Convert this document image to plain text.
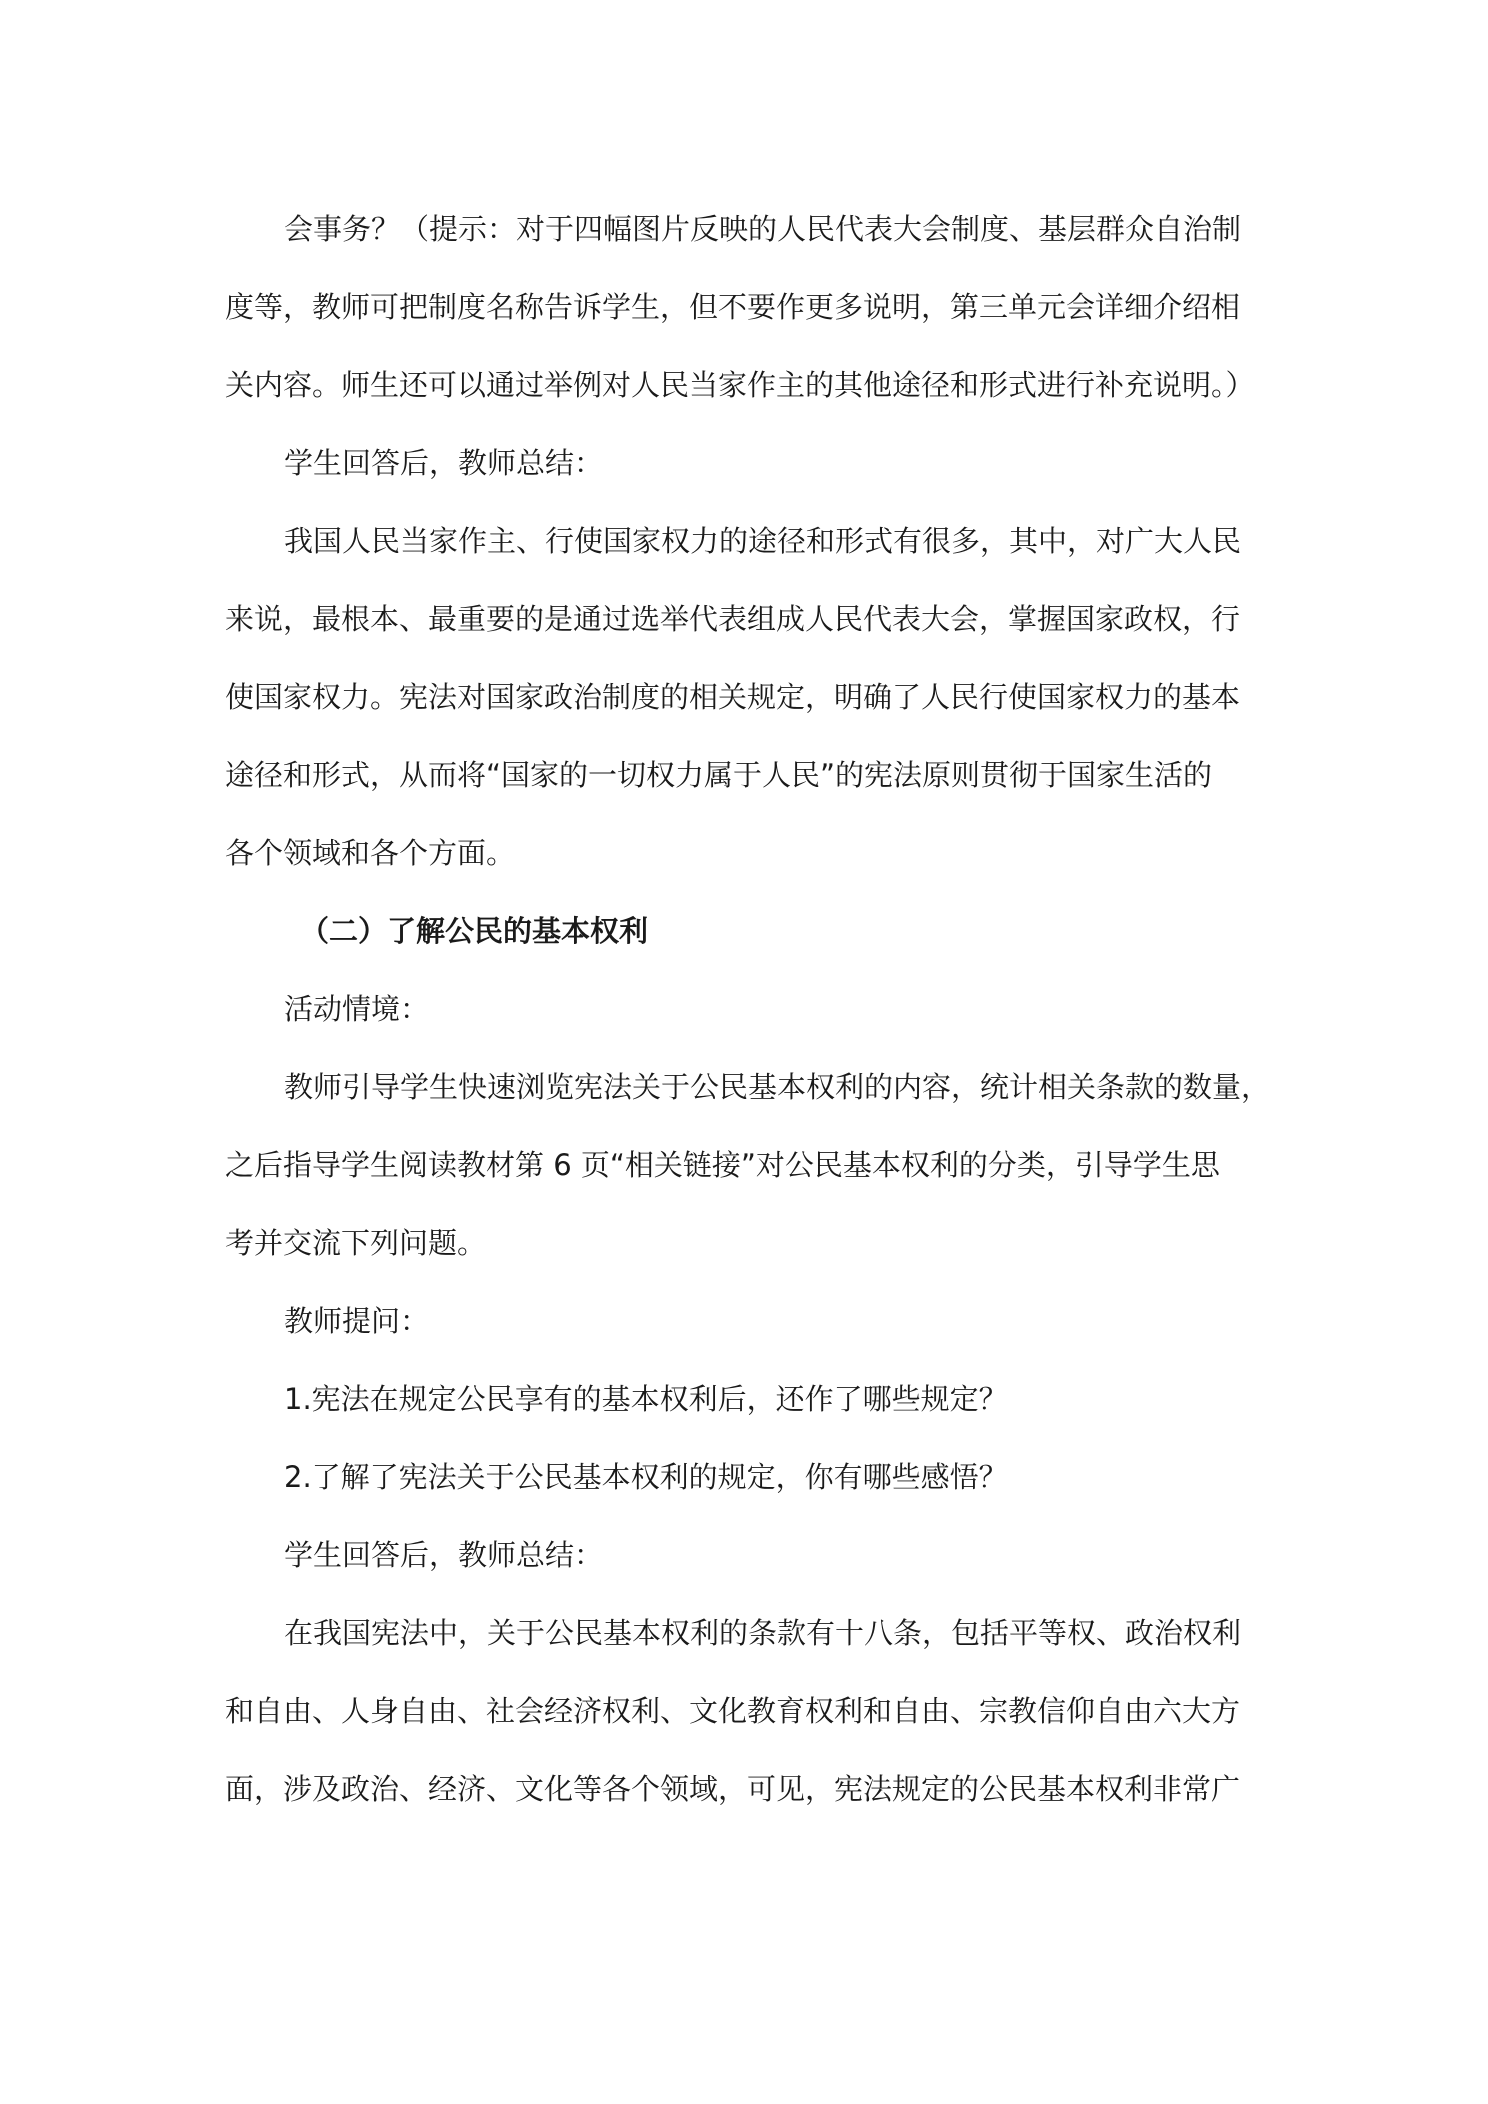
会事务？（提示：对于四幅图片反映的人民代表大会制度、基层群众自治制
度等，教师可把制度名称告诉学生，但不要作更多说明，第三单元会详细介绍相
关内容。师生还可以通过举例对人民当家作主的其他途径和形式进行补充说明。）
学生回答后，教师总结：
我国人民当家作主、行使国家权力的途径和形式有很多，其中，对广大人民
来说，最根本、最重要的是通过选举代表组成人民代表大会，掌握国家政权，行
使国家权力。宪法对国家政治制度的相关规定，明确了人民行使国家权力的基本
途径和形式，从而将“国家的一切权力属于人民”的宪法原则贯彻于国家生活的
各个领域和各个方面。
（二）了解公民的基本权利
活动情境：
教师引导学生快速浏览宪法关于公民基本权利的内容，统计相关条款的数量，
之后指导学生阅读教材第 6 页“相关链接”对公民基本权利的分类，引导学生思
考并交流下列问题。
教师提问：
1.宪法在规定公民享有的基本权利后，还作了哪些规定？
2.了解了宪法关于公民基本权利的规定，你有哪些感悟？
学生回答后，教师总结：
在我国宪法中，关于公民基本权利的条款有十八条，包括平等权、政治权利
和自由、人身自由、社会经济权利、文化教育权利和自由、宗教信仰自由六大方
面，涉及政治、经济、文化等各个领域，可见，宪法规定的公民基本权利非常广
